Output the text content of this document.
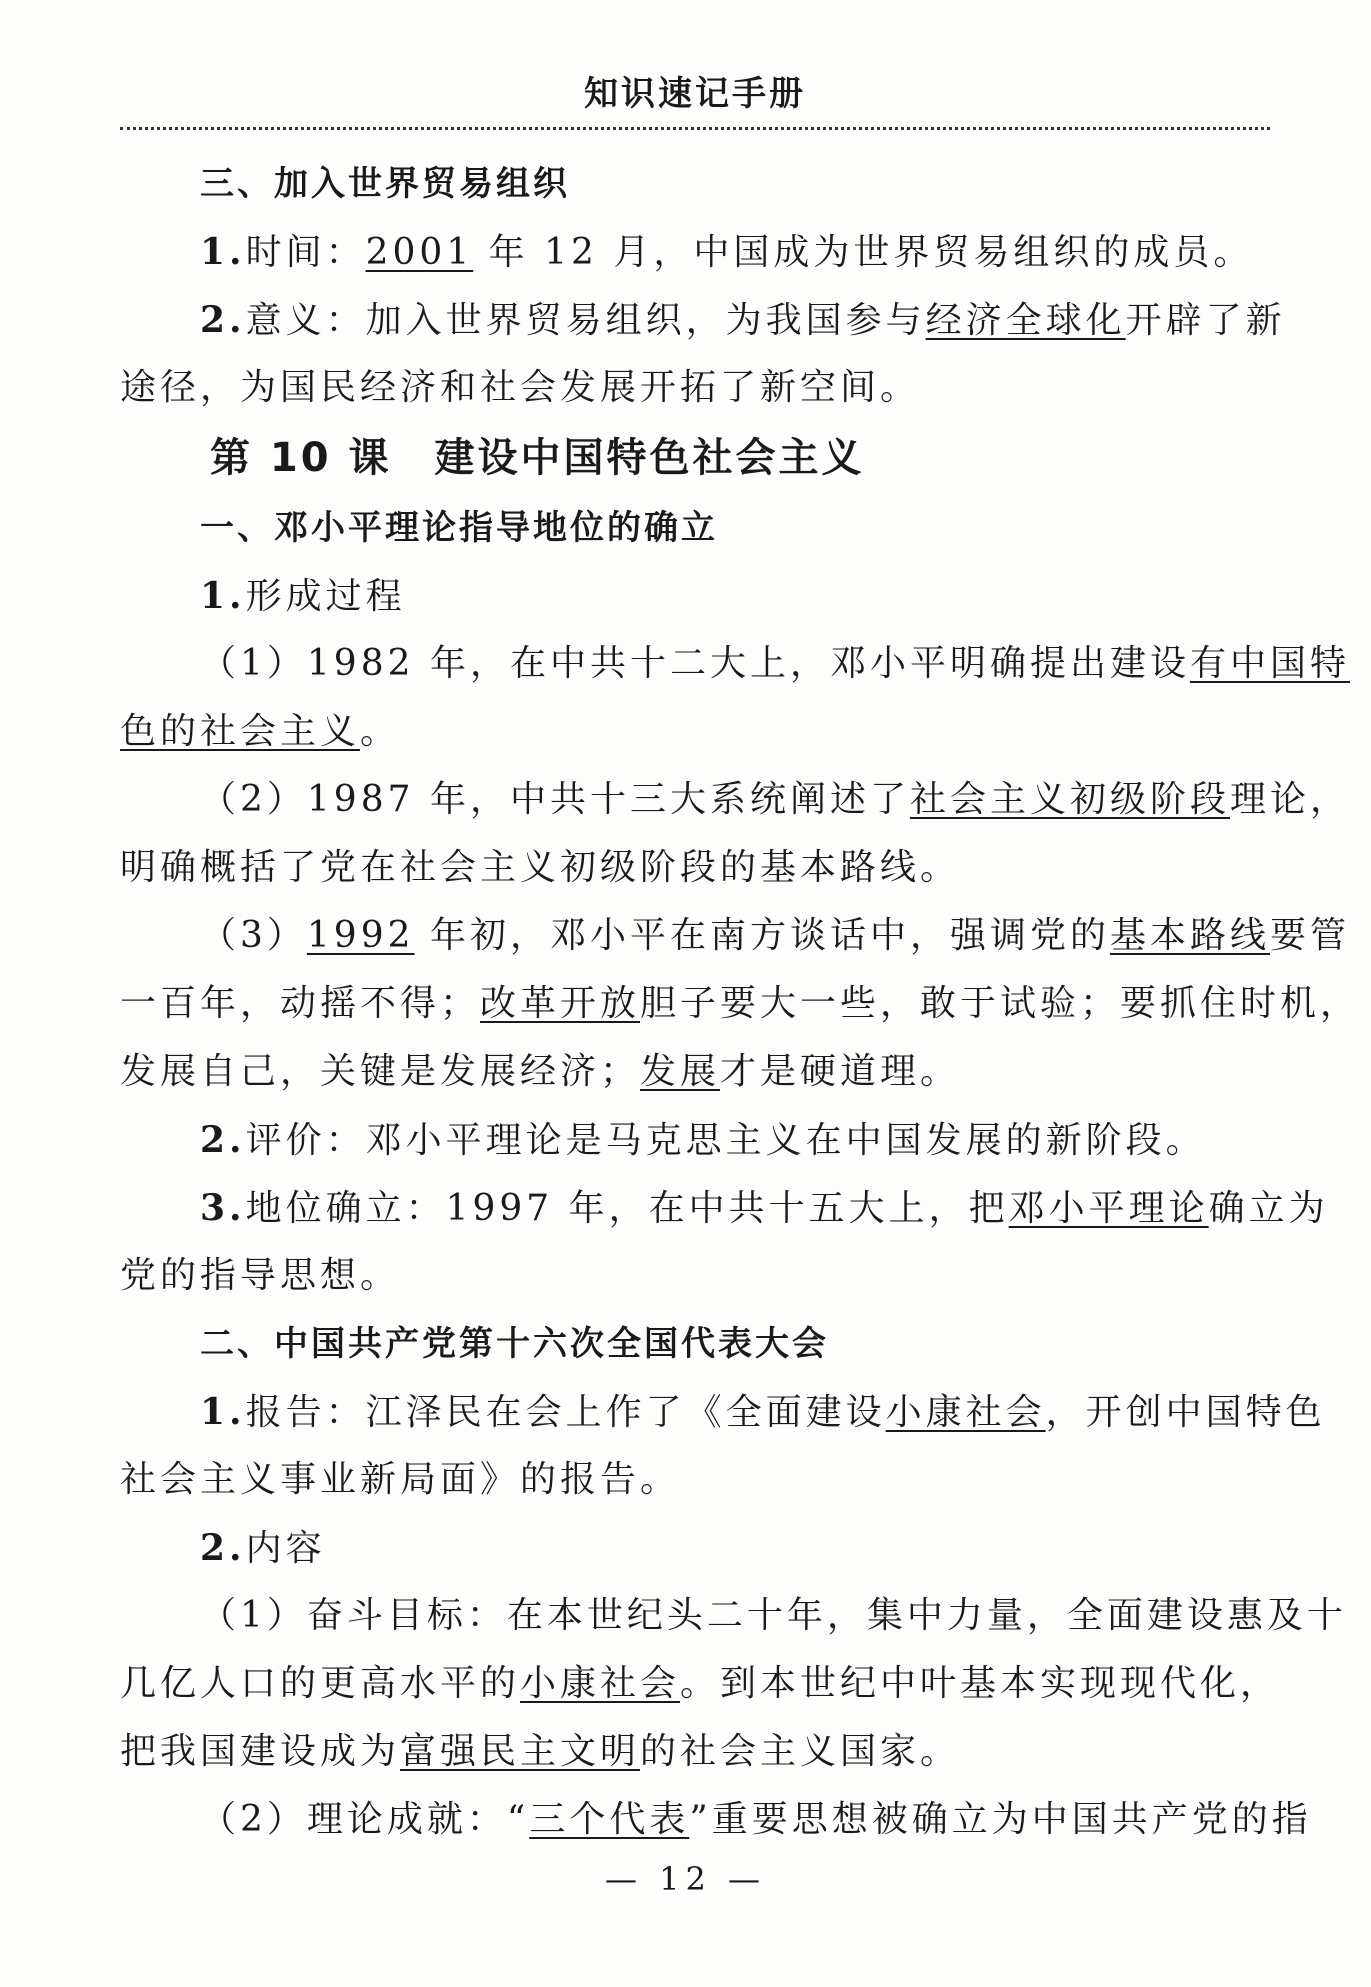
知识速记手册
三、加入世界贸易组织
1.时间：2001 年 12 月，中国成为世界贸易组织的成员。
2.意义：加入世界贸易组织，为我国参与经济全球化开辟了新
途径，为国民经济和社会发展开拓了新空间。
第 10 课　建设中国特色社会主义
一、邓小平理论指导地位的确立
1.形成过程
（1）1982 年，在中共十二大上，邓小平明确提出建设有中国特
色的社会主义。
（2）1987 年，中共十三大系统阐述了社会主义初级阶段理论，
明确概括了党在社会主义初级阶段的基本路线。
（3）1992 年初，邓小平在南方谈话中，强调党的基本路线要管
一百年，动摇不得；改革开放胆子要大一些，敢于试验；要抓住时机，
发展自己，关键是发展经济；发展才是硬道理。
2.评价：邓小平理论是马克思主义在中国发展的新阶段。
3.地位确立：1997 年，在中共十五大上，把邓小平理论确立为
党的指导思想。
二、中国共产党第十六次全国代表大会
1.报告：江泽民在会上作了《全面建设小康社会，开创中国特色
社会主义事业新局面》的报告。
2.内容
（1）奋斗目标：在本世纪头二十年，集中力量，全面建设惠及十
几亿人口的更高水平的小康社会。到本世纪中叶基本实现现代化，
把我国建设成为富强民主文明的社会主义国家。
（2）理论成就：“三个代表”重要思想被确立为中国共产党的指
— 12 —
